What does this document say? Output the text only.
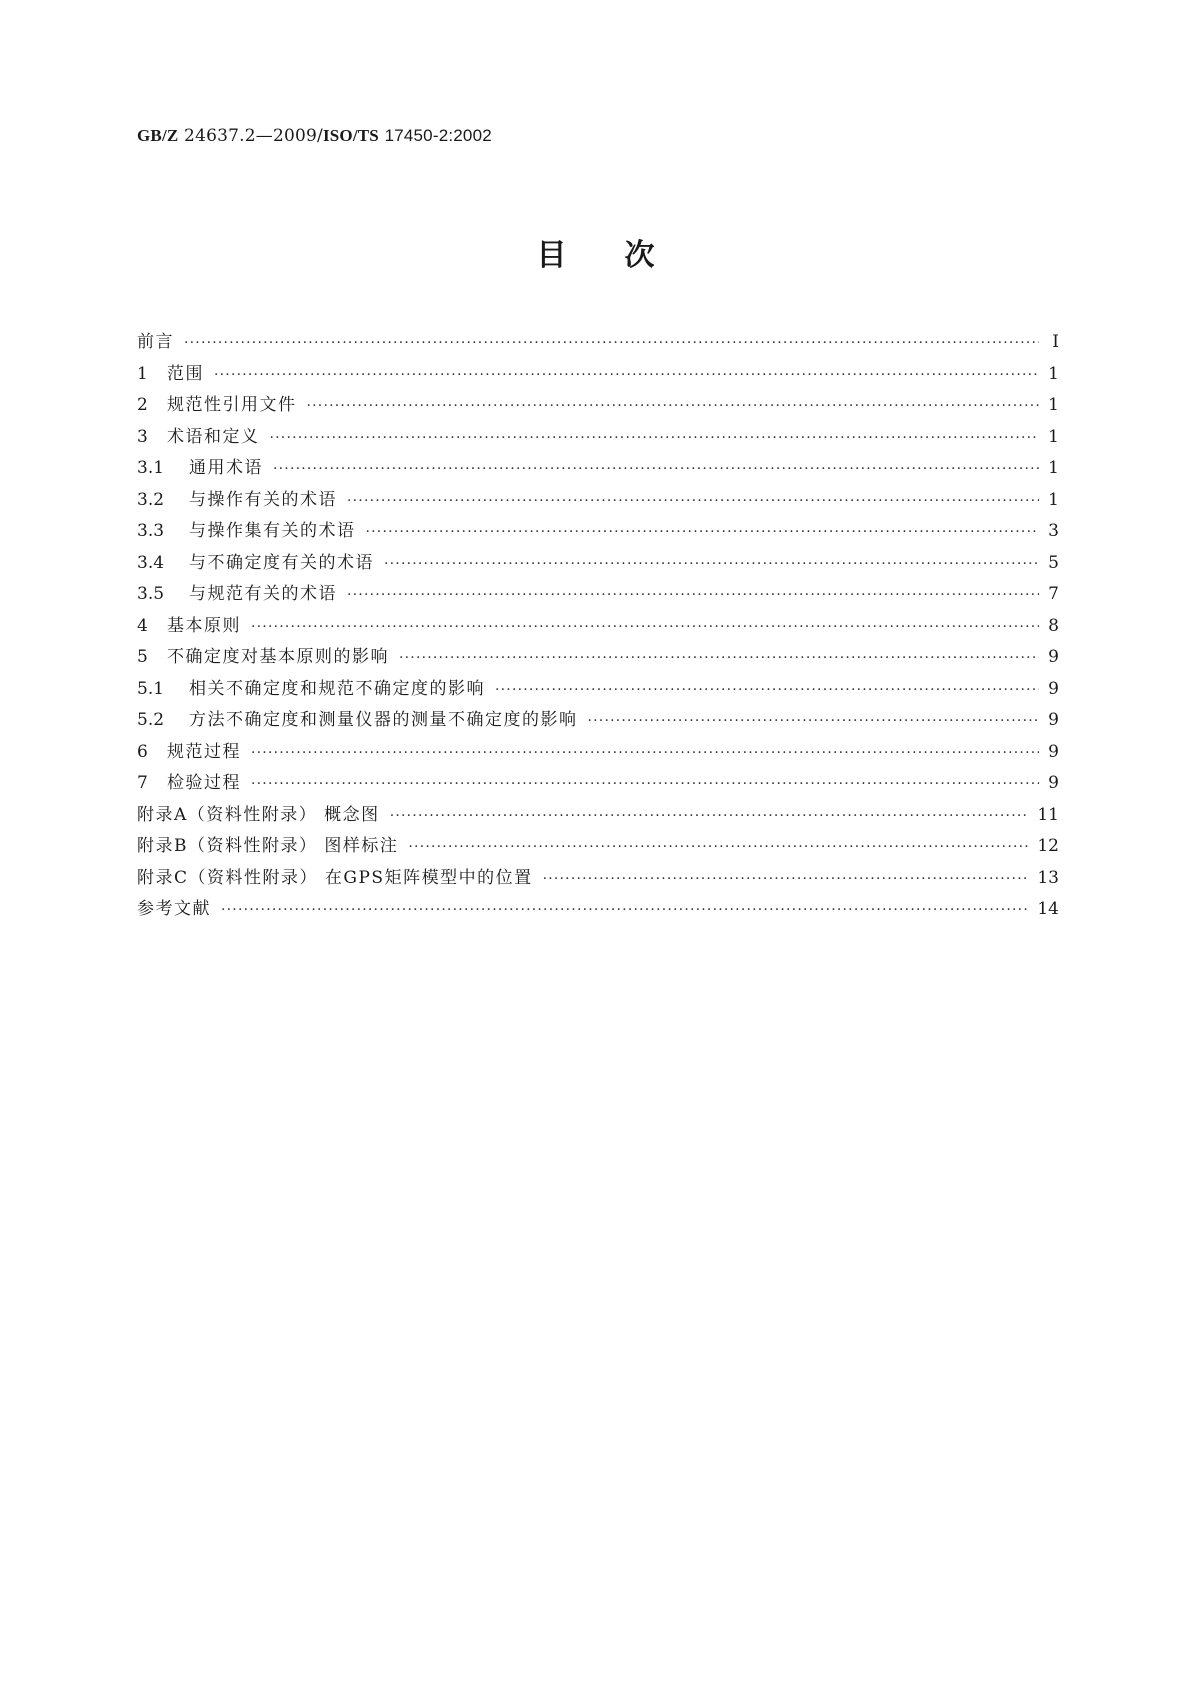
GB/Z 24637.2—2009/ISO/TS 17450-2:2002
目次
前言 ·····	Ⅰ
1	范围 ·····	1
2	规范性引用文件 ·····	1
3	术语和定义 ·····	1
3.1	通用术语 ·····	1
3.2	与操作有关的术语 ·····	1
3.3	与操作集有关的术语 ·····	3
3.4	与不确定度有关的术语 ·····	5
3.5	与规范有关的术语 ·····	7
4	基本原则 ·····	8
5	不确定度对基本原则的影响 ·····	9
5.1	相关不确定度和规范不确定度的影响 ·····	9
5.2	方法不确定度和测量仪器的测量不确定度的影响 ·····	9
6	规范过程 ·····	9
7	检验过程 ·····	9
附录A（资料性附录） 概念图 ·····	11
附录B（资料性附录） 图样标注 ·····	12
附录C（资料性附录） 在GPS矩阵模型中的位置 ·····	13
参考文献 ·····	14
